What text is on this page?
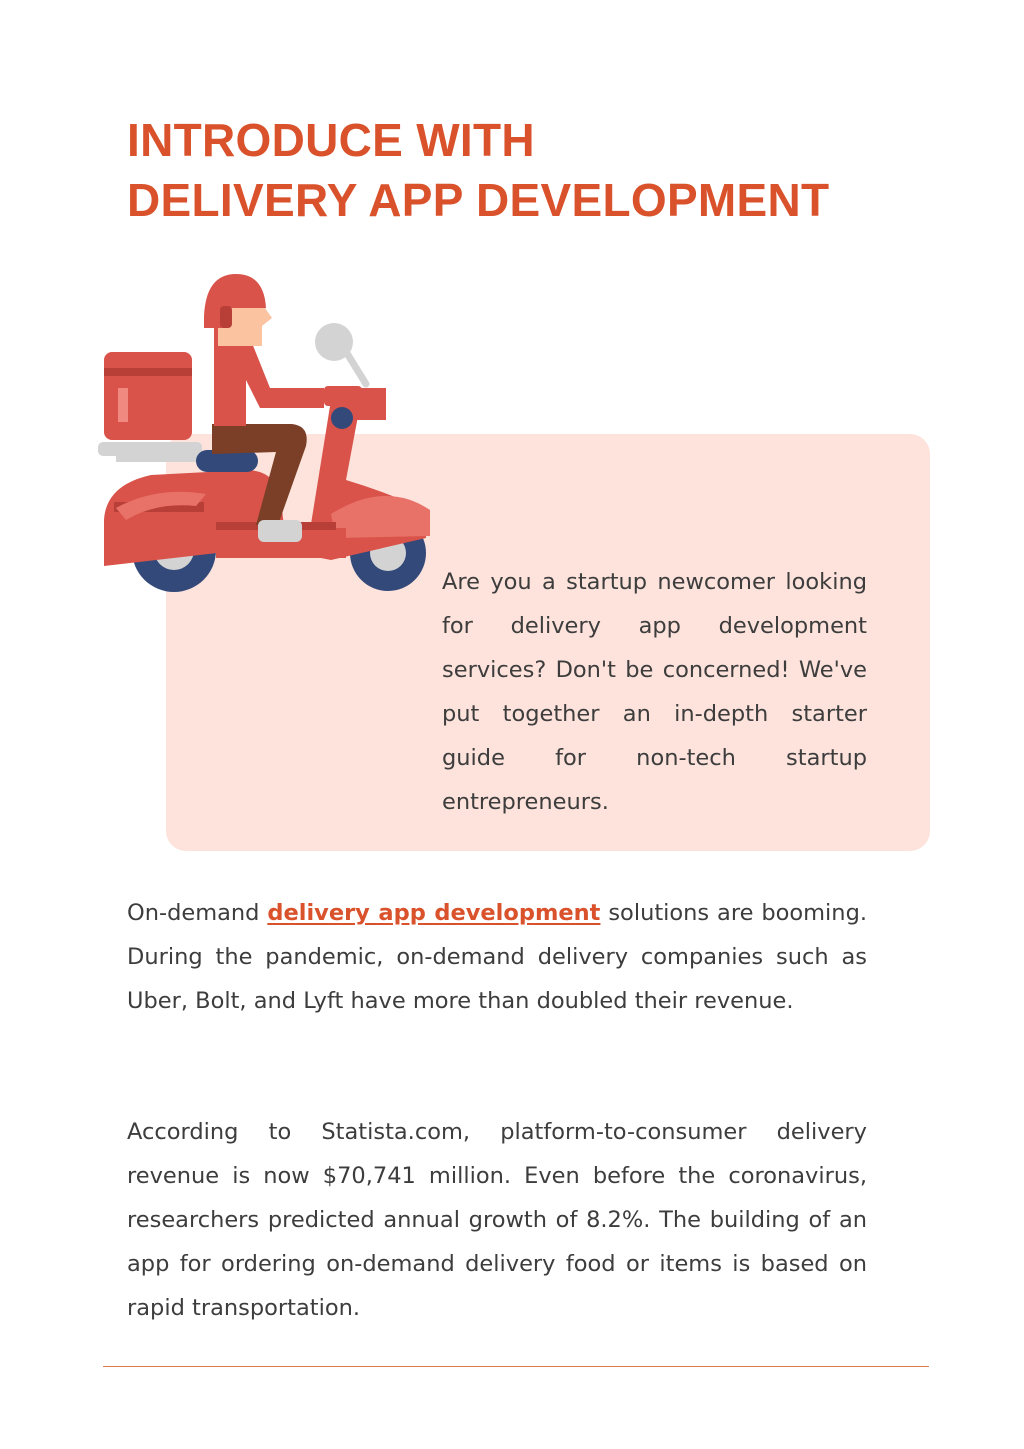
INTRODUCE WITH
DELIVERY APP DEVELOPMENT

Are you a startup newcomer looking for delivery app development services? Don't be concerned! We've put together an in-depth starter guide for non-tech startup entrepreneurs.

On-demand delivery app development solutions are booming. During the pandemic, on-demand delivery companies such as Uber, Bolt, and Lyft have more than doubled their revenue.

According to Statista.com, platform-to-consumer delivery revenue is now $70,741 million. Even before the coronavirus, researchers predicted annual growth of 8.2%. The building of an app for ordering on-demand delivery food or items is based on rapid transportation.
